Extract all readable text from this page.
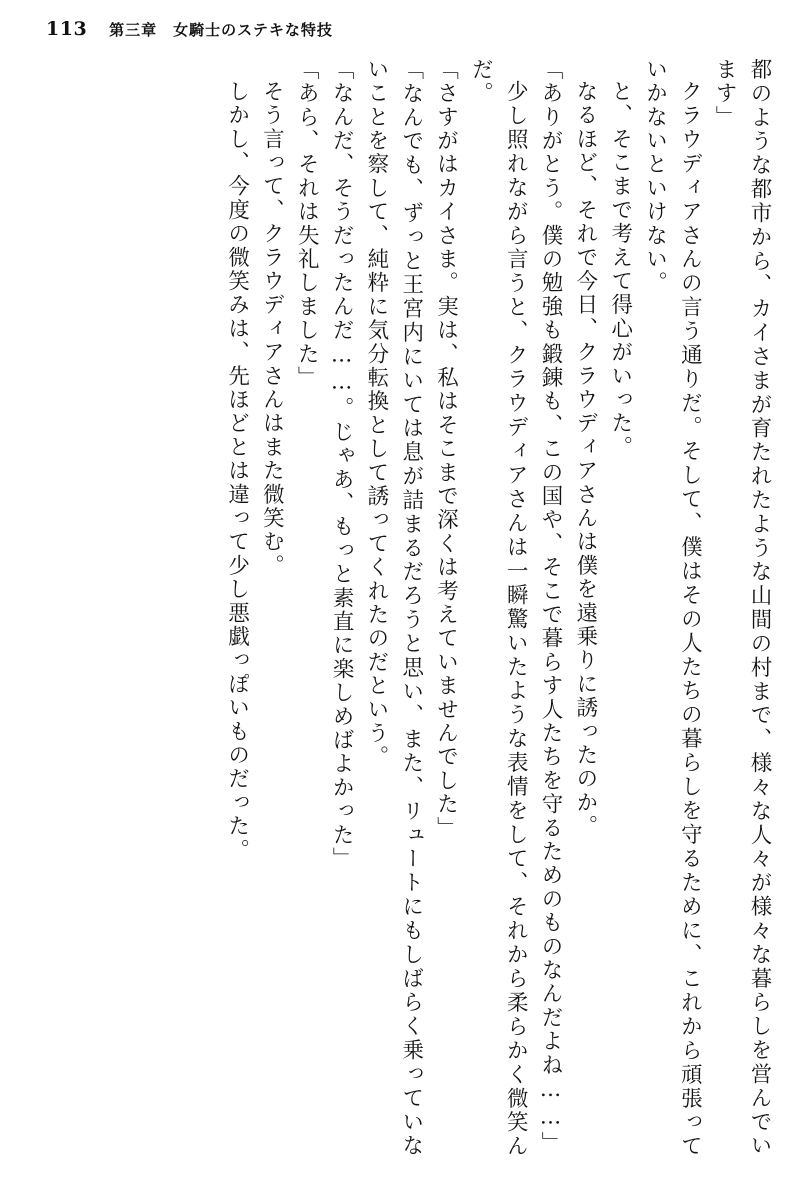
113 第三章　女騎士のステキな特技

都のような都市から、カイさまが育たれたような山間の村まで、様々な人々が様々な暮らしを営んでいます」

クラウディアさんの言う通りだ。そして、僕はその人たちの暮らしを守るために、これから頑張っていかないといけない。

と、そこまで考えて得心がいった。

なるほど、それで今日、クラウディアさんは僕を遠乗りに誘ったのか。

「ありがとう。僕の勉強も鍛錬も、この国や、そこで暮らす人たちを守るためのものなんだよね……」

少し照れながら言うと、クラウディアさんは一瞬驚いたような表情をして、それから柔らかく微笑んだ。

「さすがはカイさま。実は、私はそこまで深くは考えていませんでした」

「なんでも、ずっと王宮内にいては息が詰まるだろうと思い、また、リュートにもしばらく乗っていないことを察して、純粋に気分転換として誘ってくれたのだという。

「なんだ、そうだったんだ……。じゃあ、もっと素直に楽しめばよかった」

「あら、それは失礼しました」

そう言って、クラウディアさんはまた微笑む。

しかし、今度の微笑みは、先ほどとは違って少し悪戯っぽいものだった。
